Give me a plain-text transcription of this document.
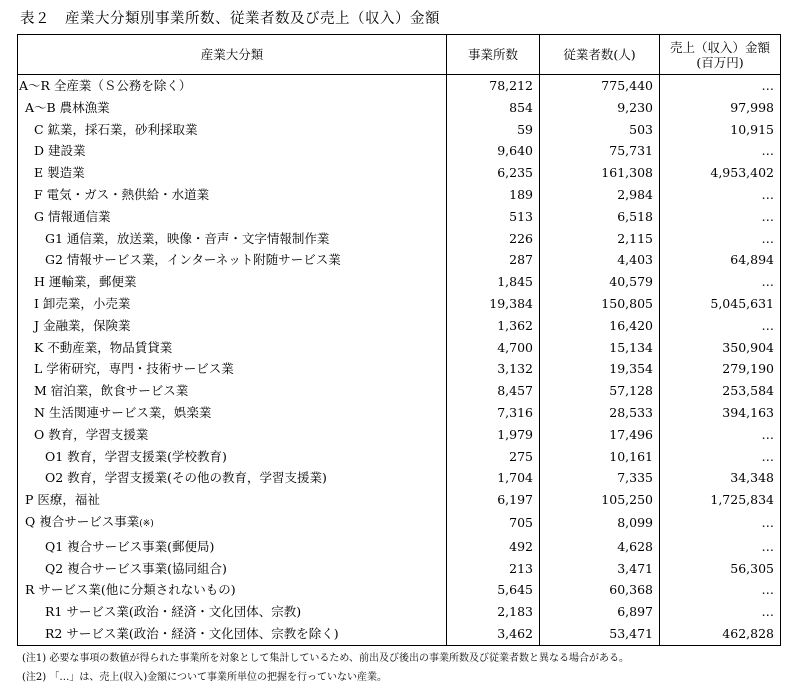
表２　産業大分類別事業所数、従業者数及び売上（収入）金額
産業大分類	事業所数	従業者数(人)	売上（収入）金額
(百万円)

A～R 全産業（Ｓ公務を除く）	78,212	775,440	…
A～B 農林漁業	854	9,230	97,998
C 鉱業，採石業，砂利採取業	59	503	10,915
D 建設業	9,640	75,731	…
E 製造業	6,235	161,308	4,953,402
F 電気・ガス・熱供給・水道業	189	2,984	…
G 情報通信業	513	6,518	…
G1 通信業，放送業，映像・音声・文字情報制作業	226	2,115	…
G2 情報サービス業，インターネット附随サービス業	287	4,403	64,894
H 運輸業，郵便業	1,845	40,579	…
I 卸売業，小売業	19,384	150,805	5,045,631
J 金融業，保険業	1,362	16,420	…
K 不動産業，物品賃貸業	4,700	15,134	350,904
L 学術研究，専門・技術サービス業	3,132	19,354	279,190
M 宿泊業，飲食サービス業	8,457	57,128	253,584
N 生活関連サービス業，娯楽業	7,316	28,533	394,163
O 教育，学習支援業	1,979	17,496	…
O1 教育，学習支援業(学校教育)	275	10,161	…
O2 教育，学習支援業(その他の教育，学習支援業)	1,704	7,335	34,348
P 医療，福祉	6,197	105,250	1,725,834
Q 複合サービス事業(※)	705	8,099	…
Q1 複合サービス事業(郵便局)	492	4,628	…
Q2 複合サービス事業(協同組合)	213	3,471	56,305
R サービス業(他に分類されないもの)	5,645	60,368	…
R1 サービス業(政治・経済・文化団体、宗教)	2,183	6,897	…
R2 サービス業(政治・経済・文化団体、宗教を除く)	3,462	53,471	462,828
(注1) 必要な事項の数値が得られた事業所を対象として集計しているため、前出及び後出の事業所数及び従業者数と異なる場合がある。
(注2) 「…」は、売上(収入)金額について事業所単位の把握を行っていない産業。
